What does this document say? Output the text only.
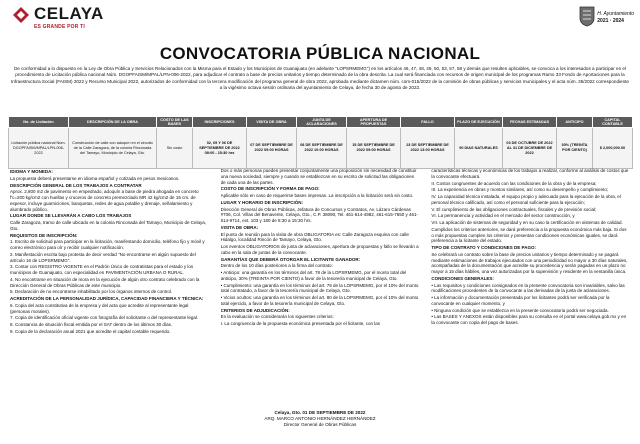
CELAYA
ES GRANDE POR TI
H. Ayuntamiento
2021 · 2024
CONVOCATORIA PÚBLICA NACIONAL
De conformidad a lo dispuesto en la Ley de Obra Pública y Servicios Relacionados con la Misma para el Estado y los Municipios de Guanajuato (en adelante "LOPSRMEMG") en los artículos 46, 47, 48, 49, 50, 53, 57, 58 y demás que resulten aplicables, se convoca a los interesados a participar en el procedimiento de Licitación pública nacional Núm. DGOPFAISM/MPAL/LPN-006-2022, para adjudicar el contrato a base de precios unitarios y tiempo determinado de la obra descrita. La cual será financiada con recursos de origen municipal de los programas Ramo 33 Fondo de Aportaciones para la Infraestructura Social (FAISM) 2022 y Recurso Municipal 2022, autorizados de conformidad con la tercera modificación del programa general de obra 2022, aprobada mediante dictamen núm. com-015/2022 de la comisión de obras públicas y servicios municipales y el acta núm. 35/2022 correspondiente a la vigésimo octava sesión ordinaria del ayuntamiento de Celaya, de fecha 30 de agosto de 2022.
No. de Licitación	DESCRIPCIÓN DE LA OBRA	COSTO DE LAS BASES	INSCRIPCIONES	VISITA DE OBRA	JUNTA DE ACLARACIONES	APERTURA DE PROPUESTAS	FALLO	PLAZO DE EJECUCIÓN	FECHAS ESTIMADAS	ANTICIPO	CAPITAL CONTABLE
Licitación pública nacional Núm. DGOPFAISM/MPAL/LPN-006-2022	Construcción de calle con adoquín en el circuito de la Calle Zaragoza, de la colonia Rinconada del Tamayo, Municipio de Celaya, Gto.	Sin costo	02, 05 Y 06 DE SEPTIEMBRE DE 2022 08:00 - 15:30 hrs	07 DE SEPTIEMBRE DE 2022 09:00 HORAS	08 DE SEPTIEMBRE DE 2022 10:00 HORAS	15 DE SEPTIEMBRE DE 2022 09:00 HORAS	23 DE SEPTIEMBRE DE 2022 13:00 HORAS	90 DIAS NATURALES	03 DE OCTUBRE DE 2022 AL 31 DE DICIEMBRE DE 2022	30% (TREINTA POR CIENTO)	$ 2,000,000.00

IDIOMA Y MONEDA:

La propuesta deberá presentarse en idioma español y cotizada en pesos mexicanos.

DESCRIPCIÓN GENERAL DE LOS TRABAJOS A CONTRATAR

Aprox. 2,800 m2 de pavimento en empedrado, adoquín a base de piedra ahogada en concreto f'c=200 kg/cm2 con huellas y cruceros de concreto premezclado MR 42 kg/cm2 de 15 cm. de espesor, incluye guarniciones, banquetas, redes de agua potable y drenaje, señalamiento y alumbrado público.

LUGAR DONDE SE LLEVARÁN A CABO LOS TRABAJOS

Calle Zaragoza, tramo de calle ubicado en la colonia Rinconada del Tamayo, Municipio de Celaya, Gto.

REQUISITOS DE INSCRIPCIÓN:

1. Escrito de solicitud para participar en la licitación, manifestando domicilio, teléfono fijo y móvil y correo electrónico para oír y recibir cualquier notificación.

2. Manifestación escrita bajo protesta de decir verdad "No encontrarse en algún supuesto del artículo 16 de LOPSRMEMG".

3. Contar con REGISTRO VIGENTE en el Padrón Único de contratistas para el estado y los municipios de Guanajuato, con especialidad en PAVIMENTACIÓN URBANA O RURAL.

4. No encontrarse en situación de mora en la ejecución de algún otro contrato celebrado con la Dirección General de Obras Públicas de este municipio.

5. Declaración de no encontrarse inhabilitado por los órganos internos de control.

ACREDITACIÓN DE LA PERSONALIDAD JURÍDICA, CAPACIDAD FINANCIERA Y TÉCNICA:

6. Copia del acta constitutiva de la empresa y del acta que acredite al representante legal (personas morales).

7. Copia de identificación oficial vigente con fotografía del solicitante o del representante legal.

8. Constancia de situación fiscal emitida por el SAT dentro de los últimos 30 días.

9. Copia de la declaración anual 2021 que acredite el capital contable requerido.

Dos o más personas pueden presentar conjuntamente una proposición sin necesidad de constituir una nueva sociedad, siempre y cuando se establezcan en su escrito de solicitud las obligaciones de cada una de las partes.

COSTO DE INSCRIPCIÓN Y FORMA DE PAGO:

Aplicable sólo en caso de requerirse bases impresas. La inscripción a la licitación será sin costo.

LUGAR Y HORARIO DE INSCRIPCIÓN:

Dirección General de Obras Públicas, Jefatura de Concursos y Contratos, Av. Lázaro Cárdenas #706, Col. Villas del Benavente, Celaya, Gto., C.P. 38090, Tel. 461-614-4982, 461-615-7650 y 461-614-9714, ext. 103 y 180 de 8:30 a 15:30 hrs.

VISITA DE OBRA:

El punto de reunión para la visita de obra OBLIGATORIA es: Calle Zaragoza esquina con calle Hidalgo, localidad Rincón de Tamayo, Celaya, Gto.

Los eventos OBLIGATORIOS de junta de aclaraciones, apertura de propuestas y fallo se llevarán a cabo en la sala de juntas de la convocante.

GARANTÍAS QUE DEBERÁ OTORGAR EL LICITANTE GANADOR:

Dentro de los 10 días posteriores a la firma del contrato:

• Anticipo: una garantía en los términos del art. 78 de la LOPSRMEMG, por el monto total del anticipo, 30% (TREINTA POR CIENTO) a favor de la tesorería municipal de Celaya, Gto.

• Cumplimiento: una garantía en los términos del art. 79 de la LOPSRMEMG, por el 10% del monto total contratado, a favor de la tesorería municipal de Celaya, Gto.

• Vicios ocultos: una garantía en los términos del art. 80 de la LOPSRMEMG, por el 10% del monto total ejercido, a favor de la tesorería municipal de Celaya, Gto.

CRITERIOS DE ADJUDICACIÓN:

En la evaluación se considerarán los siguientes criterios:

I. La congruencia de la propuesta económica presentada por el licitante, con las

características técnicas y económicas de los trabajos a realizar, conforme al análisis de costos que la convocante efectuará.

II. Costos congruentes de acuerdo con las condiciones de la obra y de la empresa;

III. La experiencia en obras y montos similares, así como su desempeño y cumplimiento;

IV. La capacidad técnica instalada, el equipo propio y adecuado para la ejecución de la obra, el personal técnico calificado, así como el personal suficiente para la ejecución;

V. El cumplimiento de las obligaciones contractuales, fiscales y de previsión social;

VI. La permanencia y actividad en el mercado del sector construcción, y

VII. La aplicación de sistemas de seguridad y en su caso la certificación en sistemas de calidad.

Cumplidos los criterios anteriores, se dará preferencia a la propuesta económica más baja. Si dos o más propuestas cumplen los criterios y presentan condiciones económicas iguales, se dará preferencia a la licitante del estado.

TIPO DE CONTRATO Y CONDICIONES DE PAGO:

Se celebrará un contrato sobre la base de precios unitarios y tiempo determinado y se pagará mediante estimaciones de trabajos ejecutados con una periodicidad no mayor a 30 días naturales, acompañadas de la documentación que acredite su procedencia y serán pagadas en un plazo no mayor a 15 días hábiles, una vez autorizadas por la supervisión y residente en la ventanilla única.

CONDICIONES GENERALES:

• Las requisitos y condiciones consignados en la presente convocatoria son invariables, salvo las modificaciones procedentes de la convocante a las derivadas de la junta de aclaraciones.

• La información y documentación presentada por los licitantes podrá ser verificada por la convocante en cualquier momento, y

• Ninguna condición que se establezca en la presente convocatoria podrá ser negociada.

• Las BASES Y ANEXOS están disponibles para su consulta en el portal www.celaya.gob.mx y en la convocante con copia del pago de bases.

Celaya, Gto. 01 DE SEPTIEMBRE DE 2022
ARQ. MARCO ANTONIO HERNÁNDEZ HERNÁNDEZ
Director General de Obras Públicas
